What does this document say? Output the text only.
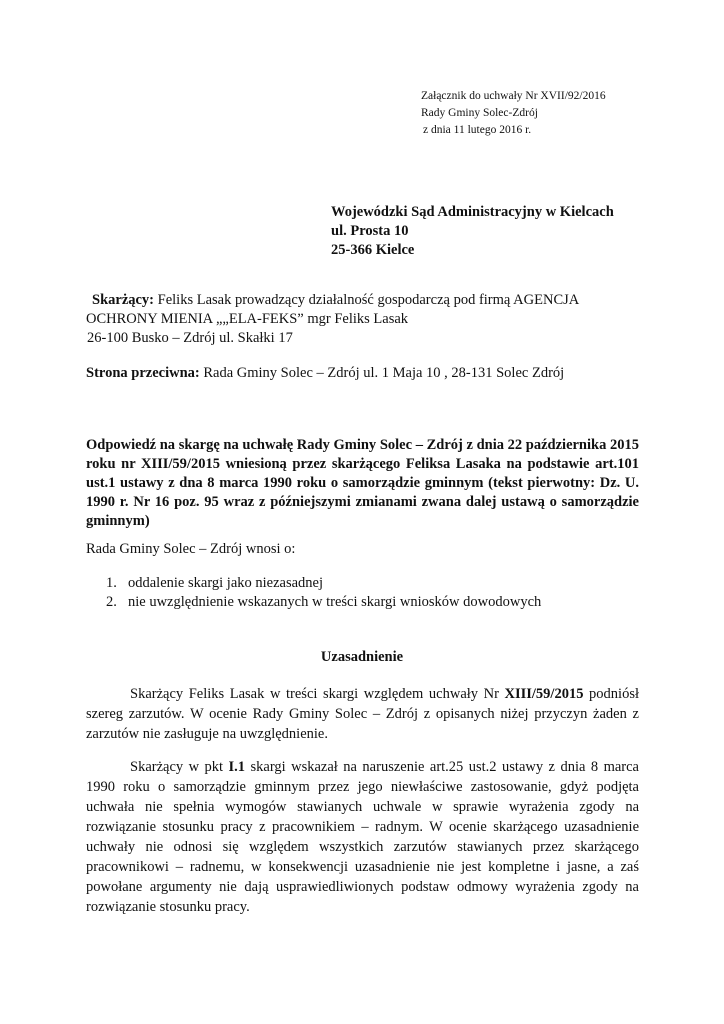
Załącznik do uchwały Nr XVII/92/2016
Rady Gminy Solec-Zdrój
z dnia 11 lutego 2016 r.
Wojewódzki Sąd Administracyjny w Kielcach
ul. Prosta 10
25-366 Kielce

Skarżący: Feliks Lasak prowadzący działalność gospodarczą pod firmą AGENCJA

OCHRONY MIENIA „„ELA-FEKS” mgr Feliks Lasak

26-100 Busko – Zdrój ul. Skałki 17

Strona przeciwna: Rada Gminy Solec – Zdrój ul. 1 Maja 10 , 28-131 Solec Zdrój
Odpowiedź na skargę na uchwałę Rady Gminy Solec – Zdrój z dnia 22 października 2015 roku nr XIII/59/2015 wniesioną przez skarżącego Feliksa Lasaka na podstawie art.101 ust.1 ustawy z dna 8 marca 1990 roku o samorządzie gminnym (tekst pierwotny: Dz. U. 1990 r. Nr 16 poz. 95 wraz z późniejszymi zmianami zwana dalej ustawą o samorządzie gminnym)
Rada Gminy Solec – Zdrój wnosi o:
1. oddalenie skargi jako niezasadnej
2. nie uwzględnienie wskazanych w treści skargi wniosków dowodowych
Uzasadnienie

Skarżący Feliks Lasak w treści skargi względem uchwały Nr XIII/59/2015 podniósł szereg zarzutów. W ocenie Rady Gminy Solec – Zdrój z opisanych niżej przyczyn żaden z zarzutów nie zasługuje na uwzględnienie.

Skarżący w pkt I.1 skargi wskazał na naruszenie art.25 ust.2 ustawy z dnia 8 marca 1990 roku o samorządzie gminnym przez jego niewłaściwe zastosowanie, gdyż podjęta uchwała nie spełnia wymogów stawianych uchwale w sprawie wyrażenia zgody na rozwiązanie stosunku pracy z pracownikiem – radnym. W ocenie skarżącego uzasadnienie uchwały nie odnosi się względem wszystkich zarzutów stawianych przez skarżącego pracownikowi – radnemu, w konsekwencji uzasadnienie nie jest kompletne i jasne, a zaś powołane argumenty nie dają usprawiedliwionych podstaw odmowy wyrażenia zgody na rozwiązanie stosunku pracy.
